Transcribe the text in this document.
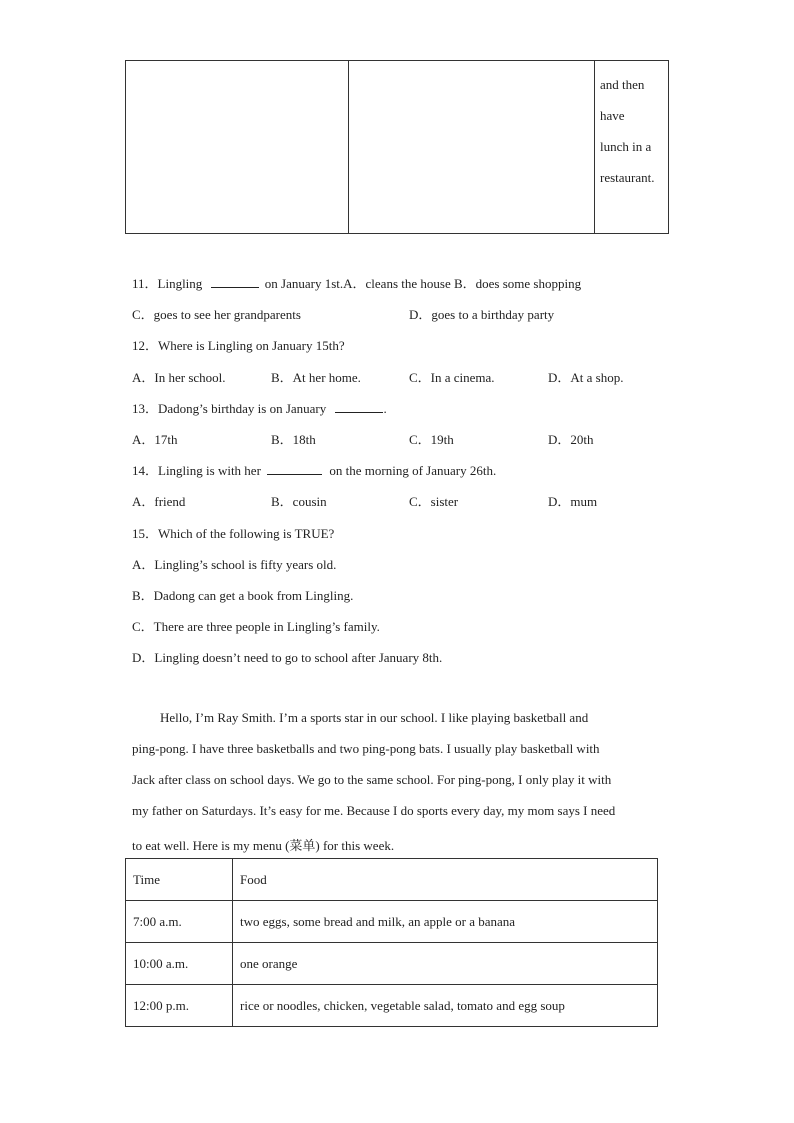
and then
have
lunch in a
restaurant.
11．Lingling	on January 1st.A．cleans the house B．does some shopping
C．goes to see her grandparents	D．goes to a birthday party
12．Where is Lingling on January 15th?
A．In her school.	B．At her home.	C．In a cinema.	D．At a shop.
13．Dadong’s birthday is on January	.
A．17th	B．18th	C．19th	D．20th
14．Lingling is with her	on the morning of January 26th.
A．friend	B．cousin	C．sister	D．mum
15．Which of the following is TRUE?
A．Lingling’s school is fifty years old.
B．Dadong can get a book from Lingling.
C．There are three people in Lingling’s family.
D．Lingling doesn’t need to go to school after January 8th.
Hello, I’m Ray Smith. I’m a sports star in our school. I like playing basketball and
ping-pong. I have three basketballs and two ping-pong bats. I usually play basketball with
Jack after class on school days. We go to the same school. For ping-pong, I only play it with
my father on Saturdays. It’s easy for me. Because I do sports every day, my mom says I need
to eat well. Here is my menu (菜单) for this week.
Time	Food
7:00 a.m.	two eggs, some bread and milk, an apple or a banana
10:00 a.m.	one orange
12:00 p.m.	rice or noodles, chicken, vegetable salad, tomato and egg soup
